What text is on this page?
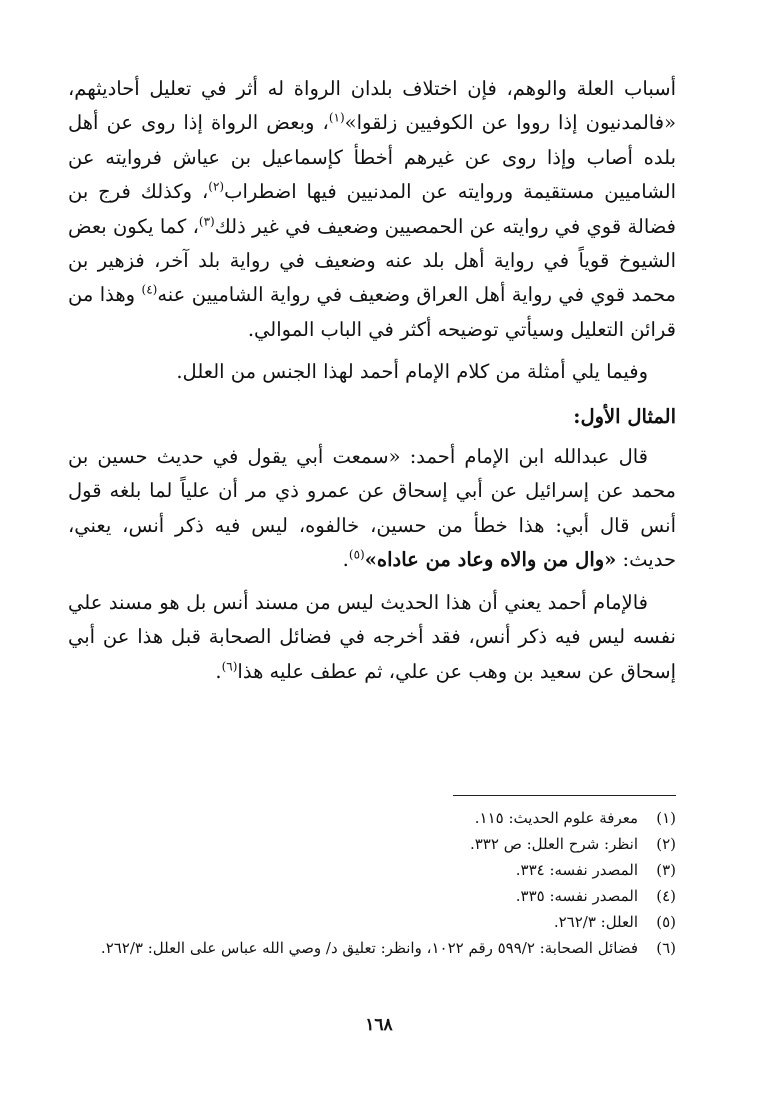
أسباب العلة والوهم، فإن اختلاف بلدان الرواة له أثر في تعليل أحاديثهم، «فالمدنيون إذا رووا عن الكوفيين زلقوا»$^{(١)}$، وبعض الرواة إذا روى عن أهل بلده أصاب وإذا روى عن غيرهم أخطأ كإسماعيل بن عياش فروايته عن الشاميين مستقيمة وروايته عن المدنيين فيها اضطراب$^{(٢)}$، وكذلك فرج بن فضالة قوي في روايته عن الحمصيين وضعيف في غير ذلك$^{(٣)}$، كما يكون بعض الشيوخ قوياً في رواية أهل بلد عنه وضعيف في رواية بلد آخر، فزهير بن محمد قوي في رواية أهل العراق وضعيف في رواية الشاميين عنه$^{(٤)}$ وهذا من قرائن التعليل وسيأتي توضيحه أكثر في الباب الموالي.

وفيما يلي أمثلة من كلام الإمام أحمد لهذا الجنس من العلل.

المثال الأول:

قال عبدالله ابن الإمام أحمد: «سمعت أبي يقول في حديث حسين بن محمد عن إسرائيل عن أبي إسحاق عن عمرو ذي مر أن علياً لما بلغه قول أنس قال أبي: هذا خطأ من حسين، خالفوه، ليس فيه ذكر أنس، يعني، حديث: «وال من والاه وعاد من عاداه»$^{(٥)}$.

فالإمام أحمد يعني أن هذا الحديث ليس من مسند أنس بل هو مسند علي نفسه ليس فيه ذكر أنس، فقد أخرجه في فضائل الصحابة قبل هذا عن أبي إسحاق عن سعيد بن وهب عن علي، ثم عطف عليه هذا$^{(٦)}$.

(١)
معرفة علوم الحديث: ١١٥.
(٢)
انظر: شرح العلل: ص ٣٣٢.
(٣)
المصدر نفسه: ٣٣٤.
(٤)
المصدر نفسه: ٣٣٥.
(٥)
العلل: ٢٦٢/٣.
(٦)
فضائل الصحابة: ٥٩٩/٢ رقم ١٠٢٢، وانظر: تعليق د/ وصي الله عباس على العلل: ٢٦٢/٣.
١٦٨
